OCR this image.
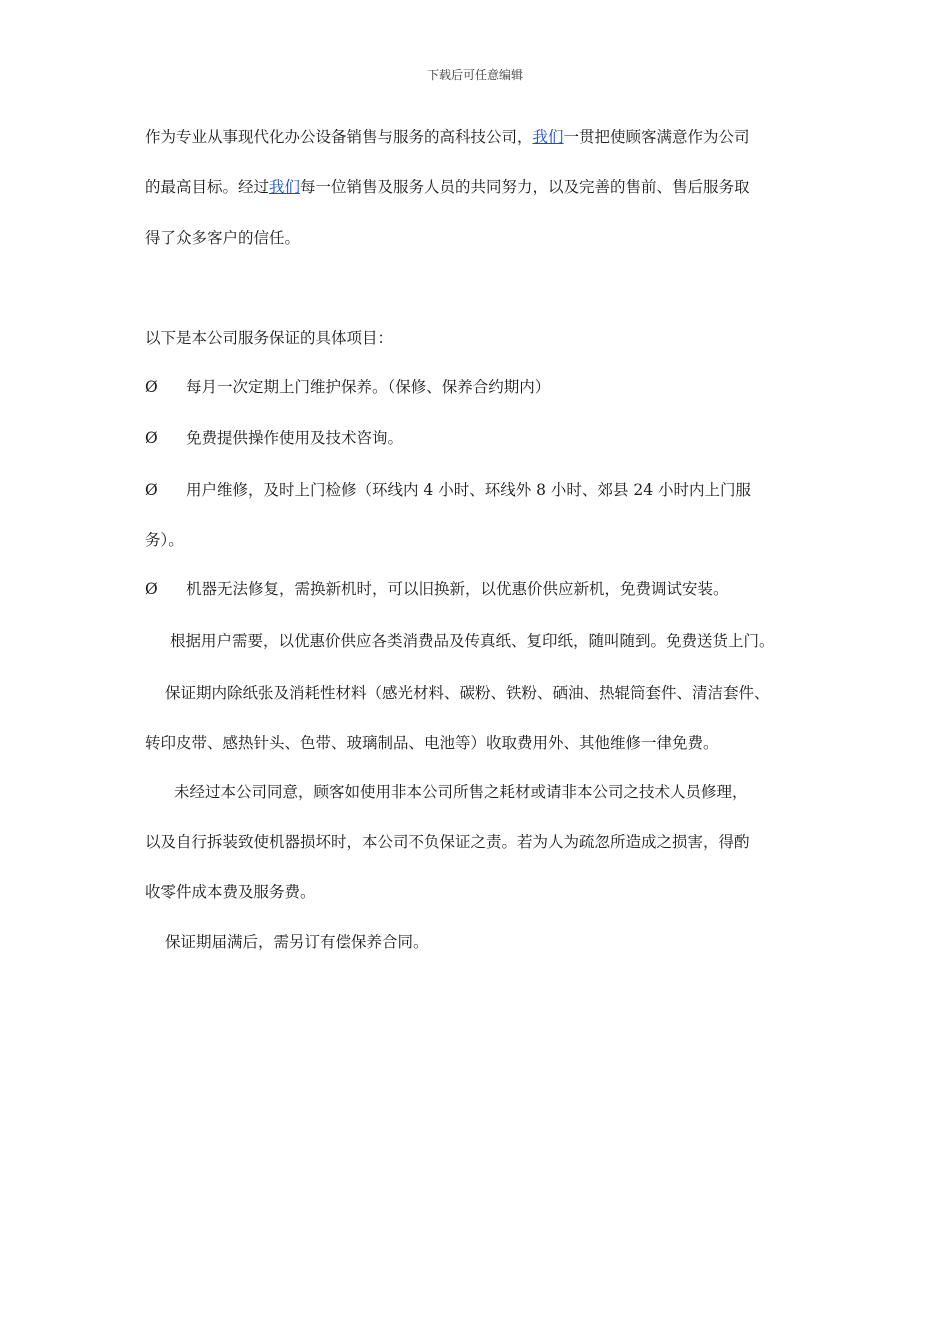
下载后可任意编辑
作为专业从事现代化办公设备销售与服务的高科技公司，我们一贯把使顾客满意作为公司
的最高目标。经过我们每一位销售及服务人员的共同努力，以及完善的售前、售后服务取
得了众多客户的信任。
以下是本公司服务保证的具体项目：
Ø 每月一次定期上门维护保养。（保修、保养合约期内）
Ø 免费提供操作使用及技术咨询。
Ø 用户维修，及时上门检修（环线内 4 小时、环线外 8 小时、郊县 24 小时内上门服
务）。
Ø 机器无法修复，需换新机时，可以旧换新，以优惠价供应新机，免费调试安装。
根据用户需要，以优惠价供应各类消费品及传真纸、复印纸，随叫随到。免费送货上门。
保证期内除纸张及消耗性材料（感光材料、碳粉、铁粉、硒油、热辊筒套件、清洁套件、
转印皮带、感热针头、色带、玻璃制品、电池等）收取费用外、其他维修一律免费。
未经过本公司同意，顾客如使用非本公司所售之耗材或请非本公司之技术人员修理，
以及自行拆装致使机器损坏时，本公司不负保证之责。若为人为疏忽所造成之损害，得酌
收零件成本费及服务费。
保证期届满后，需另订有偿保养合同。
